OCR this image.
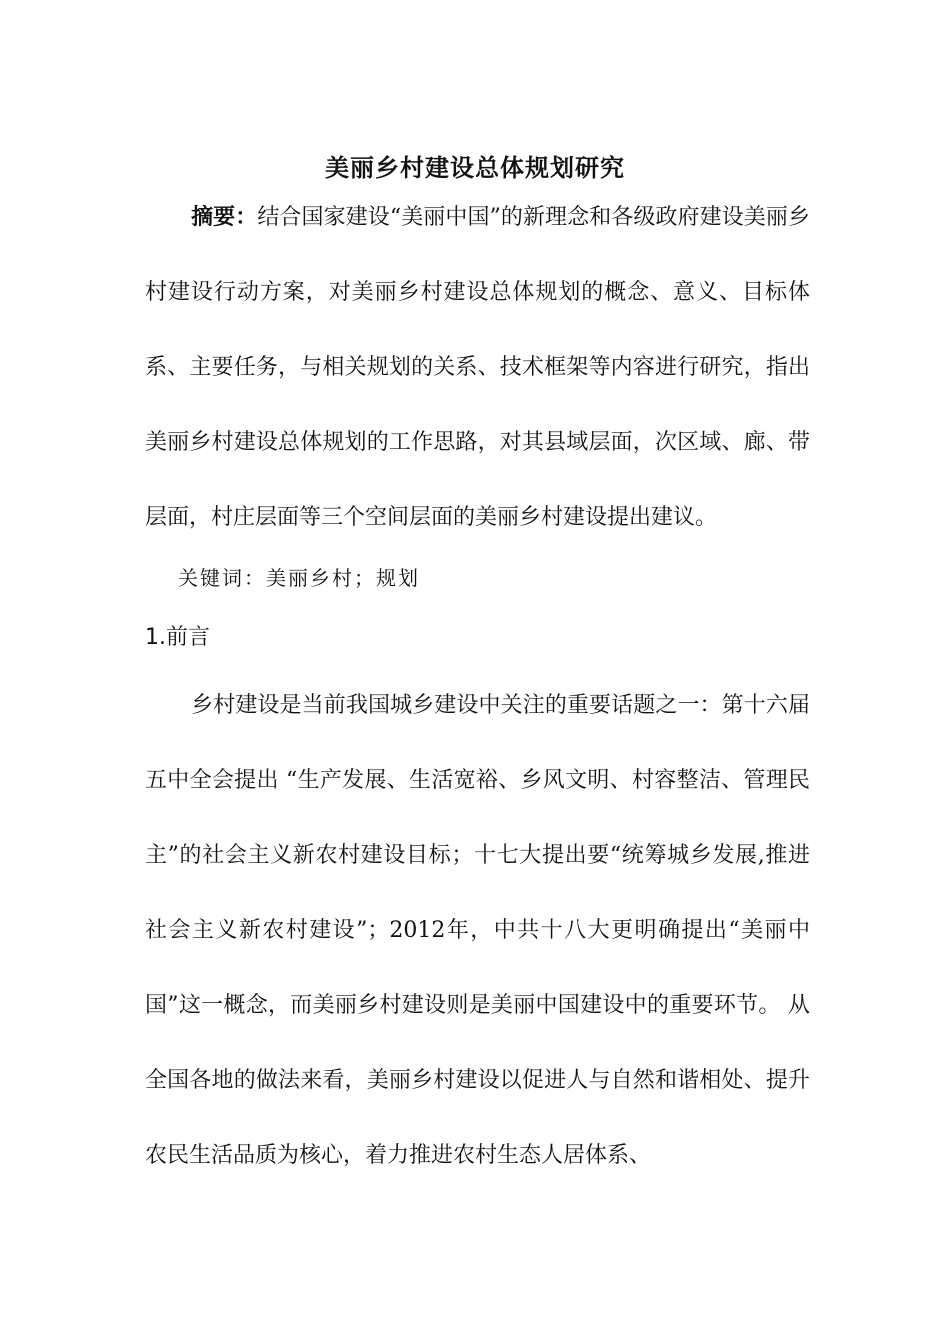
美丽乡村建设总体规划研究

摘要：结合国家建设“美丽中国”的新理念和各级政府建设美丽乡村建设行动方案，对美丽乡村建设总体规划的概念、意义、目标体系、主要任务，与相关规划的关系、技术框架等内容进行研究，指出美丽乡村建设总体规划的工作思路，对其县域层面，次区域、廊、带层面，村庄层面等三个空间层面的美丽乡村建设提出建议。

关键词：美丽乡村；规划
1.前言

乡村建设是当前我国城乡建设中关注的重要话题之一：第十六届五中全会提出 “生产发展、生活宽裕、乡风文明、村容整洁、管理民主”的社会主义新农村建设目标；十七大提出要“统筹城乡发展,推进社会主义新农村建设”；2012年，中共十八大更明确提出“美丽中国”这一概念，而美丽乡村建设则是美丽中国建设中的重要环节。 从全国各地的做法来看，美丽乡村建设以促进人与自然和谐相处、提升农民生活品质为核心，着力推进农村生态人居体系、
